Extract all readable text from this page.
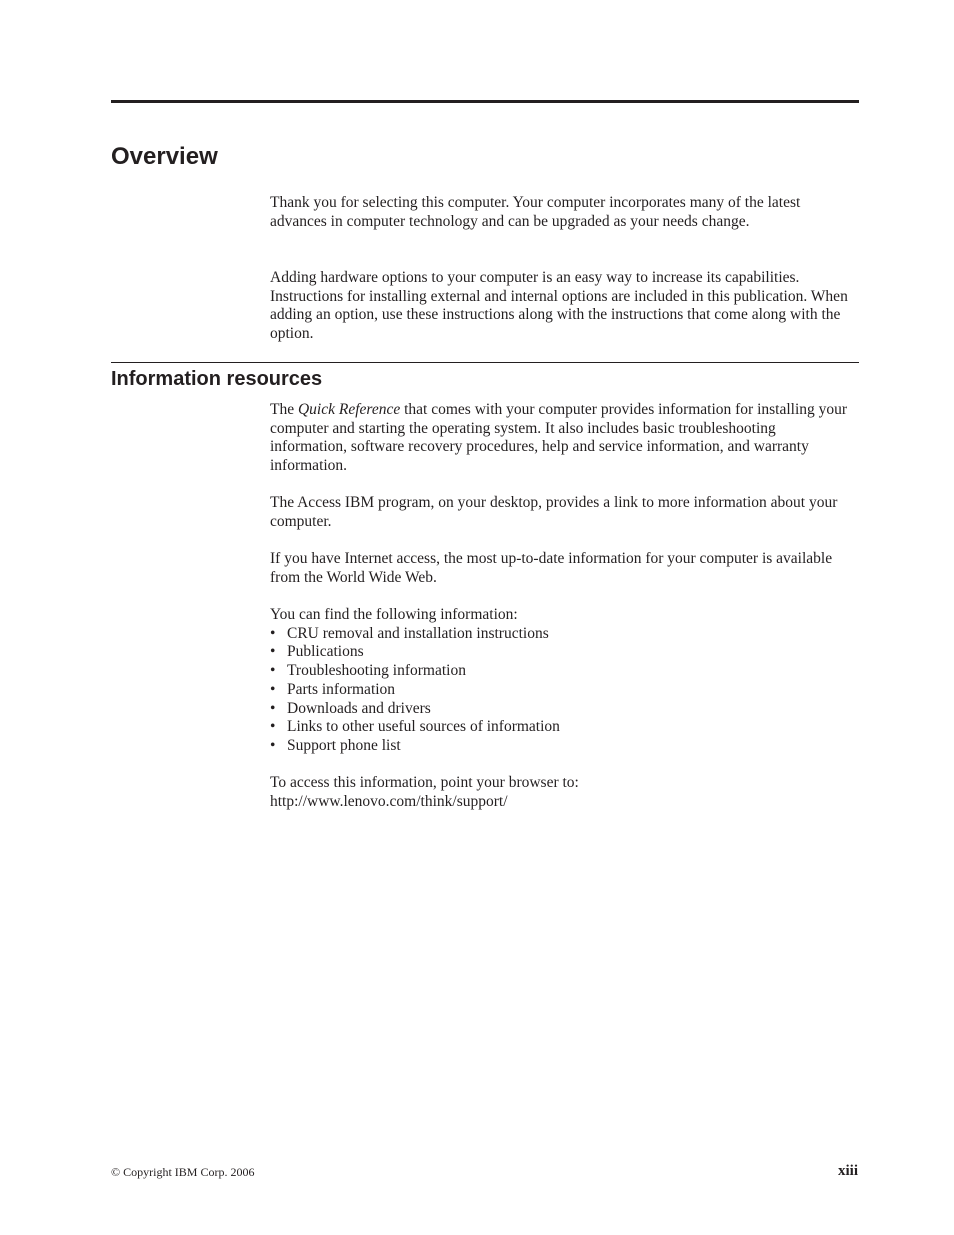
Overview

Thank you for selecting this computer. Your computer incorporates many of the latest advances in computer technology and can be upgraded as your needs change.

Adding hardware options to your computer is an easy way to increase its capabilities. Instructions for installing external and internal options are included in this publication. When adding an option, use these instructions along with the instructions that come along with the option.

Information resources

The Quick Reference that comes with your computer provides information for installing your computer and starting the operating system. It also includes basic troubleshooting information, software recovery procedures, help and service information, and warranty information.

The Access IBM program, on your desktop, provides a link to more information about your computer.

If you have Internet access, the most up-to-date information for your computer is available from the World Wide Web.

You can find the following information:
• CRU removal and installation instructions
• Publications
• Troubleshooting information
• Parts information
• Downloads and drivers
• Links to other useful sources of information
• Support phone list
To access this information, point your browser to:
http://www.lenovo.com/think/support/
© Copyright IBM Corp. 2006	xiii
